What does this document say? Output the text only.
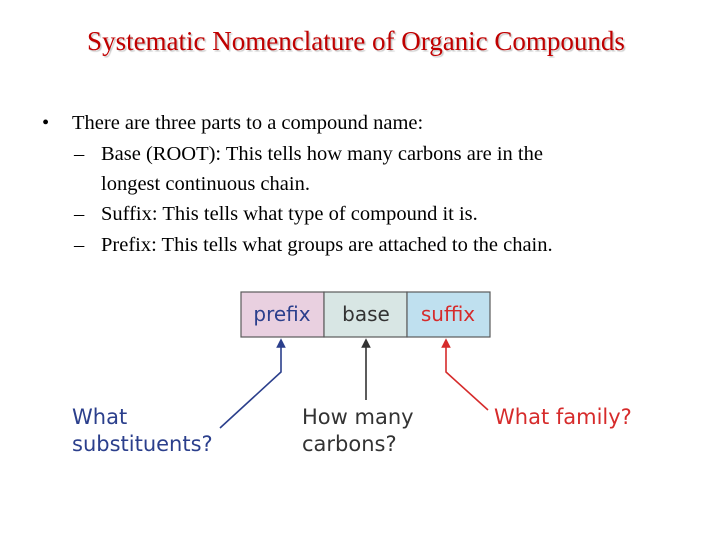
Systematic Nomenclature of Organic Compounds
• There are three parts to a compound name:
– Base (ROOT): This tells how many carbons are in the
longest continuous chain.
– Suffix: This tells what type of compound it is.
– Prefix: This tells what groups are attached to the chain.
prefix base suffix
What
substituents?
How many
carbons?
What family?
